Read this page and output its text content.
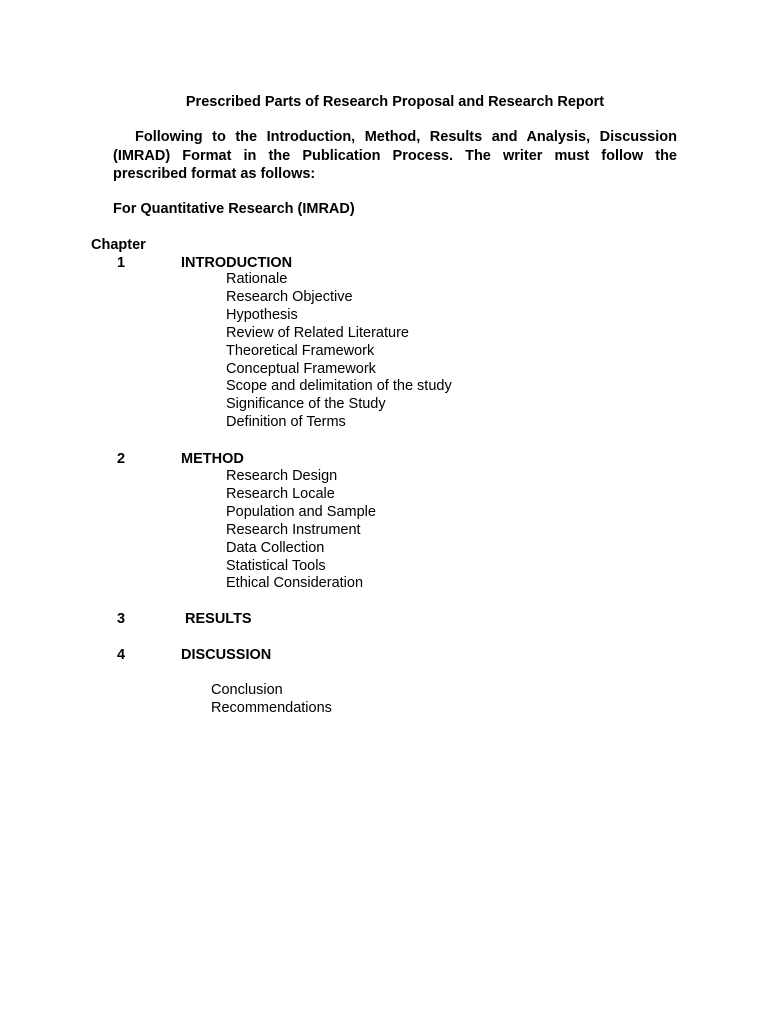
Prescribed Parts of Research Proposal and Research Report
Following to the Introduction, Method, Results and Analysis, Discussion
(IMRAD) Format in the Publication Process. The writer must follow the
prescribed format as follows:
For Quantitative Research (IMRAD)
Chapter
1	INTRODUCTION
Rationale
Research Objective
Hypothesis
Review of Related Literature
Theoretical Framework
Conceptual Framework
Scope and delimitation of the study
Significance of the Study
Definition of Terms
2	METHOD
Research Design
Research Locale
Population and Sample
Research Instrument
Data Collection
Statistical Tools
Ethical Consideration
3	RESULTS
4	DISCUSSION
Conclusion
Recommendations
